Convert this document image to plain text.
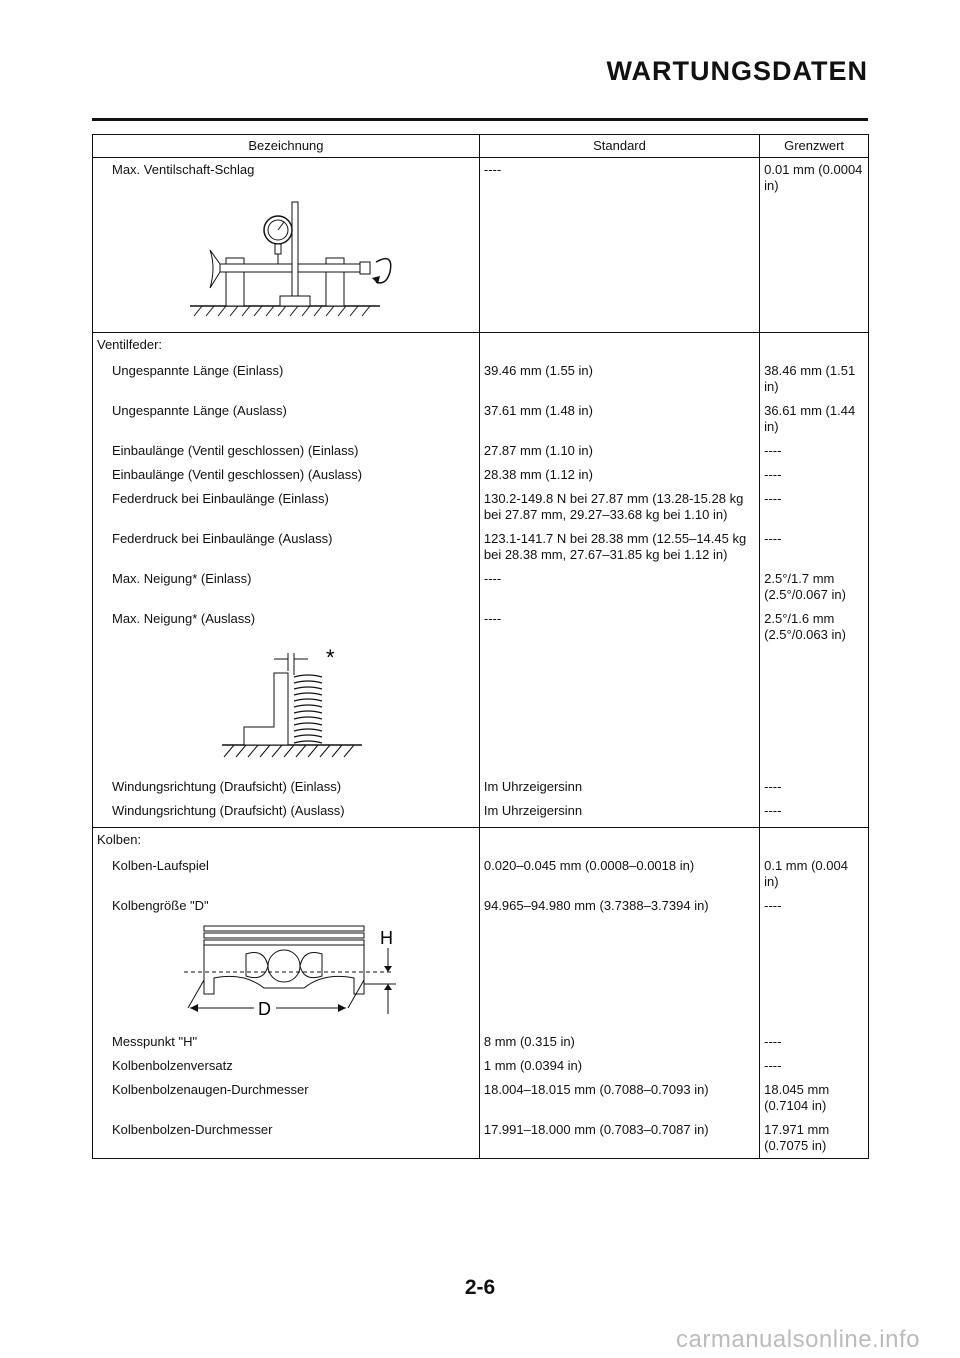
WARTUNGSDATEN
Bezeichnung	Standard	Grenzwert

Max. Ventilschaft-Schlag	----	0.01 mm (0.0004 in)
Ventilfeder:		
Ungespannte Länge (Einlass)	39.46 mm (1.55 in)	38.46 mm (1.51 in)
Ungespannte Länge (Auslass)	37.61 mm (1.48 in)	36.61 mm (1.44 in)
Einbaulänge (Ventil geschlossen) (Einlass)	27.87 mm (1.10 in)	----
Einbaulänge (Ventil geschlossen) (Auslass)	28.38 mm (1.12 in)	----
Federdruck bei Einbaulänge (Einlass)	130.2-149.8 N bei 27.87 mm (13.28-15.28 kg bei 27.87 mm, 29.27–33.68 kg bei 1.10 in)	----
Federdruck bei Einbaulänge (Auslass)	123.1-141.7 N bei 28.38 mm (12.55–14.45 kg bei 28.38 mm, 27.67–31.85 kg bei 1.12 in)	----
Max. Neigung* (Einlass)	----	2.5°/1.7 mm (2.5°/0.067 in)
Max. Neigung* (Auslass)	----	2.5°/1.6 mm (2.5°/0.063 in)

*		

Windungsrichtung (Draufsicht) (Einlass)	Im Uhrzeigersinn	----
Windungsrichtung (Draufsicht) (Auslass)	Im Uhrzeigersinn	----
Kolben:		
Kolben-Laufspiel	0.020–0.045 mm (0.0008–0.0018 in)	0.1 mm (0.004 in)
Kolbengröße "D"	94.965–94.980 mm (3.7388–3.7394 in)	----

H
D		

Messpunkt "H"	8 mm (0.315 in)	----
Kolbenbolzenversatz	1 mm (0.0394 in)	----
Kolbenbolzenaugen-Durchmesser	18.004–18.015 mm (0.7088–0.7093 in)	18.045 mm (0.7104 in)
Kolbenbolzen-Durchmesser	17.991–18.000 mm (0.7083–0.7087 in)	17.971 mm (0.7075 in)
2-6
carmanualsonline.info
